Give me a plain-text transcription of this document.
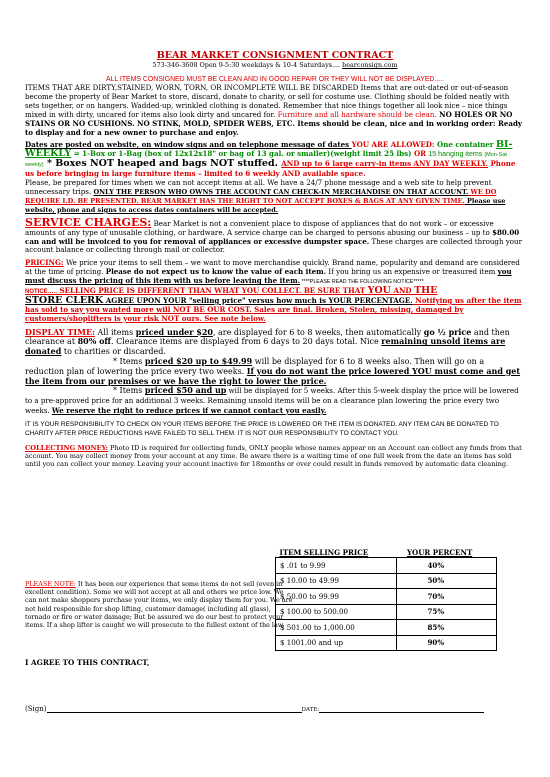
BEAR MARKET CONSIGNMENT CONTRACT

573-346-3608 Open 9-5:30 weekdays & 10-4 Saturdays.... bearconsign.com

ALL ITEMS CONSIGNED MUST BE CLEAN AND IN GOOD REPAIR OR THEY WILL NOT BE DISPLAYED.....

ITEMS THAT ARE DIRTY,STAINED, WORN, TORN, OR INCOMPLETE WILL BE DISCARDED Items that are out-dated or out-of-season become the property of Bear Market to store, discard, donate to charity, or sell for costume use. Clothing should be folded neatly with sets together, or on hangers. Wadded-up, wrinkled clothing is donated. Remember that nice things together all look nice – nice things mixed in with dirty, uncared for items also look dirty and uncared for. Furniture and all hardware should be clean. NO HOLES OR NO STAINS OR NO CUSHIONS. NO STINK, MOLD, SPIDER WEBS, ETC. Items should be clean, nice and in working order: Ready to display and for a new owner to purchase and enjoy.

Dates are posted on website, on window signs and on telephone message of dates YOU ARE ALLOWED: One container BI-WEEKLY = 1-Box or 1-Bag (box of 12x12x18" or bag of 13 gal. or smaller)(weight limit 25 lbs) OR 15 hanging items (Mon-Sat weekly) * Boxes NOT heaped and bags NOT stuffed. AND up to 6 large carry-in items ANY DAY WEEKLY. Phone us before bringing in large furniture items – limited to 6 weekly AND available space.

Please, be prepared for times when we can not accept items at all. We have a 24/7 phone message and a web site to help prevent unnecessary trips. ONLY THE PERSON WHO OWNS THE ACCOUNT CAN CHECK-IN MERCHANDISE ON THAT ACCOUNT. WE DO REQUIRE I.D. BE PRESENTED. BEAR MARKET HAS THE RIGHT TO NOT ACCEPT BOXES & BAGS AT ANY GIVEN TIME. Please use website, phone and signs to access dates containers will be accepted.

SERVICE CHARGES: Bear Market is not a convenient place to dispose of appliances that do not work – or excessive amounts of any type of unusable clothing, or hardware. A service charge can be charged to persons abusing our business – up to $80.00 can and will be invoiced to you for removal of appliances or excessive dumpster space. These charges are collected through your account balance or collecting through mail or collector.

PRICING: We price your items to sell them – we want to move merchandise quickly. Brand name, popularity and demand are considered at the time of pricing. Please do not expect us to know the value of each item. If you bring us an expensive or treasured item you must discuss the pricing of this item with us before leaving the item. ****PLEASE READ THE FOLLOWING NOTICE*****

NOTICE….. SELLING PRICE IS DIFFERENT THAN WHAT YOU COLLECT. BE SURE THAT YOU AND THE
STORE CLERK AGREE UPON YOUR "selling price" versus how much is YOUR PERCENTAGE. Notifying us after the item has sold to say you wanted more will NOT BE OUR COST. Sales are final. Broken, Stolen, missing, damaged by customers/shoplifters is your risk NOT ours. See note below.

DISPLAY TIME: All items priced under $20, are displayed for 6 to 8 weeks, then automatically go ½ price and then clearance at 80% off. Clearance items are displayed from 6 days to 20 days total. Nice remaining unsold items are donated to charities or discarded.
           * Items priced $20 up to $49.99 will be displayed for 6 to 8 weeks also. Then will go on a reduction plan of lowering the price every two weeks. If you do not want the price lowered YOU must come and get the item from our premises or we have the right to lower the price.
           * Items priced $50 and up will be displayed for 5 weeks. After this 5-week display the price will be lowered to a pre-approved price for an additional 3 weeks. Remaining unsold items will be on a clearance plan lowering the price every two weeks. We reserve the right to reduce prices if we cannot contact you easily.

IT IS YOUR RESPONSIBILITY TO CHECK ON YOUR ITEMS BEFORE THE PRICE IS LOWERED OR THE ITEM IS DONATED. ANY ITEM CAN BE DONATED TO CHARITY AFTER PRICE REDUCTIONS HAVE FAILED TO SELL THEM. IT IS NOT OUR RESPONSIBILITY TO CONTACT YOU.

COLLECTING MONEY: Photo ID is required for collecting funds, ONLY people whose names appear on an Account can collect any funds from that account. You may collect money from your account at any time. Be aware there is a waiting time of one full week from the date an items has sold until you can collect your money. Leaving your account inactive for 18months or over could result in funds removed by automatic data cleaning.

ITEM SELLING PRICE	YOUR PERCENT
$ .01 to 9.99	40%
$ 10.00 to 49.99	50%
$ 50.00 to 99.99	70%
$ 100.00 to 500.00	75%
$ 501.00 to 1,000.00	85%
$ 1001.00 and up	90%
PLEASE NOTE: It has been our experience that some items do not sell (even in excellent condition). Some we will not accept at all and others we price low. We can not make shoppers purchase your items, we only display them for you. We are not held responsible for shop lifting, customer damage( including all glass), tornado or fire or water damage; But be assured we do our best to protect your items. If a shop lifter is caught we will prosecute to the fullest extent of the law.
I AGREE TO THIS CONTRACT,
(Sign)	DATE:
